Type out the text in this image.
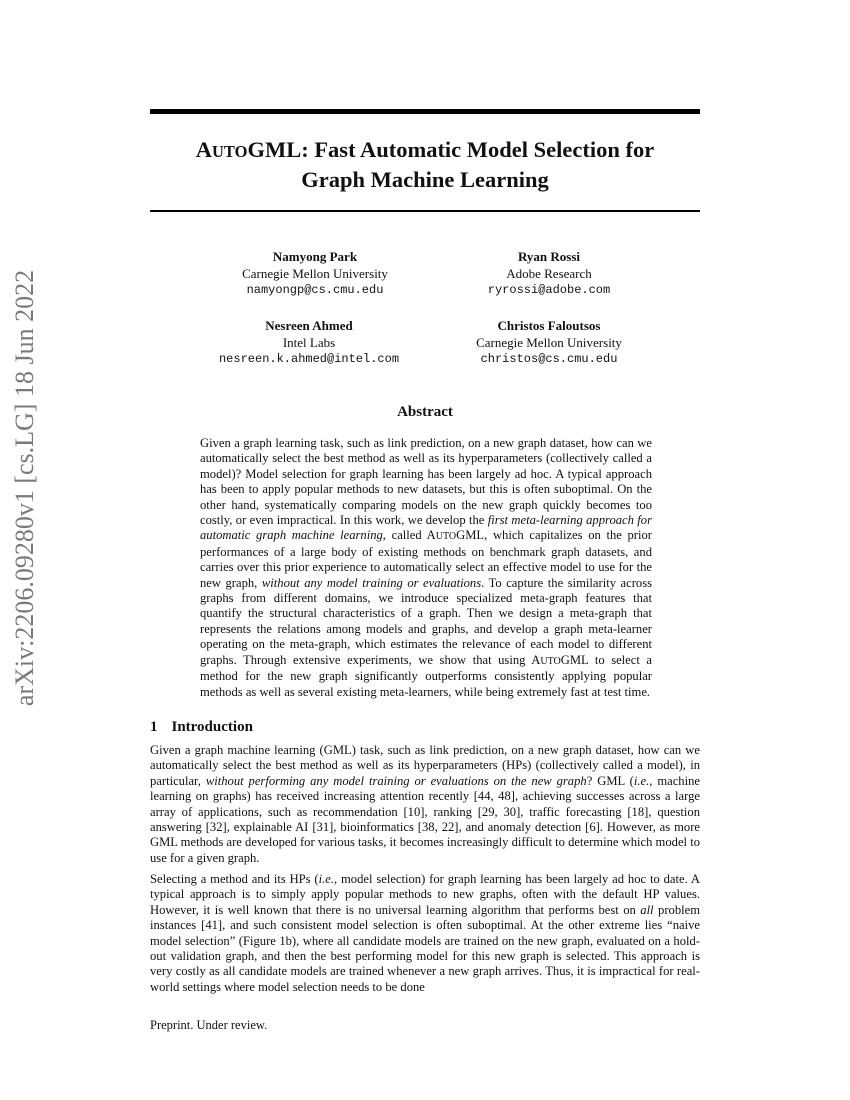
arXiv:2206.09280v1 [cs.LG] 18 Jun 2022
AUTOGML: Fast Automatic Model Selection for
Graph Machine Learning
Namyong Park
Carnegie Mellon University
namyongp@cs.cmu.edu
Ryan Rossi
Adobe Research
ryrossi@adobe.com
Nesreen Ahmed
Intel Labs
nesreen.k.ahmed@intel.com
Christos Faloutsos
Carnegie Mellon University
christos@cs.cmu.edu
Abstract
Given a graph learning task, such as link prediction, on a new graph dataset, how can we automatically select the best method as well as its hyperparameters (collectively called a model)? Model selection for graph learning has been largely ad hoc. A typical approach has been to apply popular methods to new datasets, but this is often suboptimal. On the other hand, systematically comparing models on the new graph quickly becomes too costly, or even impractical. In this work, we develop the first meta-learning approach for automatic graph machine learning, called AUTOGML, which capitalizes on the prior performances of a large body of existing methods on benchmark graph datasets, and carries over this prior experience to automatically select an effective model to use for the new graph, without any model training or evaluations. To capture the similarity across graphs from different domains, we introduce specialized meta-graph features that quantify the structural characteristics of a graph. Then we design a meta-graph that represents the relations among models and graphs, and develop a graph meta-learner operating on the meta-graph, which estimates the relevance of each model to different graphs. Through extensive experiments, we show that using AUTOGML to select a method for the new graph significantly outperforms consistently applying popular methods as well as several existing meta-learners, while being extremely fast at test time.
1 Introduction
Given a graph machine learning (GML) task, such as link prediction, on a new graph dataset, how can we automatically select the best method as well as its hyperparameters (HPs) (collectively called a model), in particular, without performing any model training or evaluations on the new graph? GML (i.e., machine learning on graphs) has received increasing attention recently [44, 48], achieving successes across a large array of applications, such as recommendation [10], ranking [29, 30], traffic forecasting [18], question answering [32], explainable AI [31], bioinformatics [38, 22], and anomaly detection [6]. However, as more GML methods are developed for various tasks, it becomes increasingly difficult to determine which model to use for a given graph.
Selecting a method and its HPs (i.e., model selection) for graph learning has been largely ad hoc to date. A typical approach is to simply apply popular methods to new graphs, often with the default HP values. However, it is well known that there is no universal learning algorithm that performs best on all problem instances [41], and such consistent model selection is often suboptimal. At the other extreme lies “naive model selection” (Figure 1b), where all candidate models are trained on the new graph, evaluated on a hold-out validation graph, and then the best performing model for this new graph is selected. This approach is very costly as all candidate models are trained whenever a new graph arrives. Thus, it is impractical for real-world settings where model selection needs to be done
Preprint. Under review.
